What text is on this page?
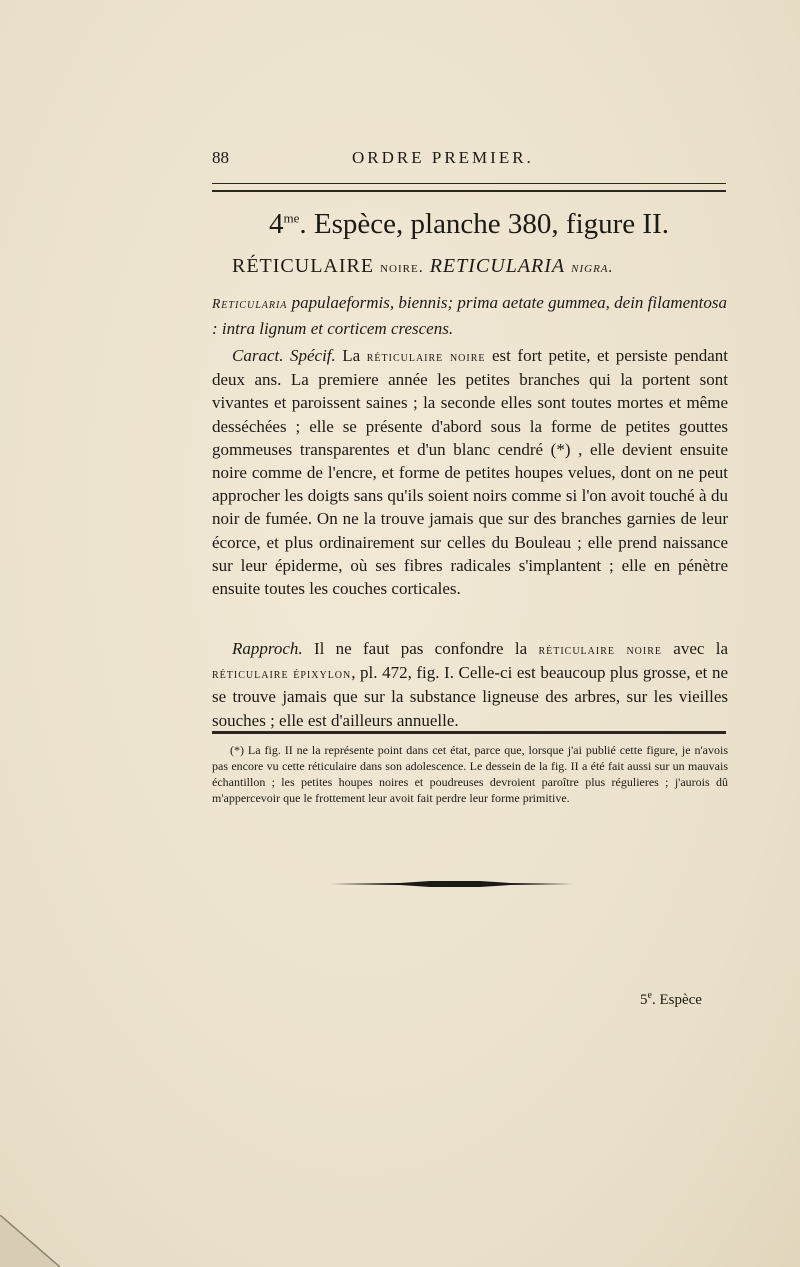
88	ORDRE PREMIER.
$4^{me}$. Espèce, planche 380, figure II.
RÉTICULAIRE noire. RETICULARIA nigra.
Reticularia papulaeformis, biennis; prima aetate gummea, dein filamentosa : intra lignum et corticem crescens.
Caract. Spécif. La réticulaire noire est fort petite, et persiste pendant deux ans. La premiere année les petites branches qui la portent sont vivantes et paroissent saines ; la seconde elles sont toutes mortes et même desséchées ; elle se présente d'abord sous la forme de petites gouttes gommeuses transparentes et d'un blanc cendré (*) , elle devient ensuite noire comme de l'encre, et forme de petites houpes velues, dont on ne peut approcher les doigts sans qu'ils soient noirs comme si l'on avoit touché à du noir de fumée. On ne la trouve jamais que sur des branches garnies de leur écorce, et plus ordinairement sur celles du Bouleau ; elle prend naissance sur leur épiderme, où ses fibres radicales s'implantent ; elle en pénètre ensuite toutes les couches corticales.
Rapproch. Il ne faut pas confondre la réticulaire noire avec la réticulaire épixylon, pl. 472, fig. I. Celle-ci est beaucoup plus grosse, et ne se trouve jamais que sur la substance ligneuse des arbres, sur les vieilles souches ; elle est d'ailleurs annuelle.
(*) La fig. II ne la représente point dans cet état, parce que, lorsque j'ai publié cette figure, je n'avois pas encore vu cette réticulaire dans son adolescence. Le dessein de la fig. II a été fait aussi sur un mauvais échantillon ; les petites houpes noires et poudreuses devroient paroître plus régulieres ; j'aurois dû m'appercevoir que le frottement leur avoit fait perdre leur forme primitive.
5e. Espèce
